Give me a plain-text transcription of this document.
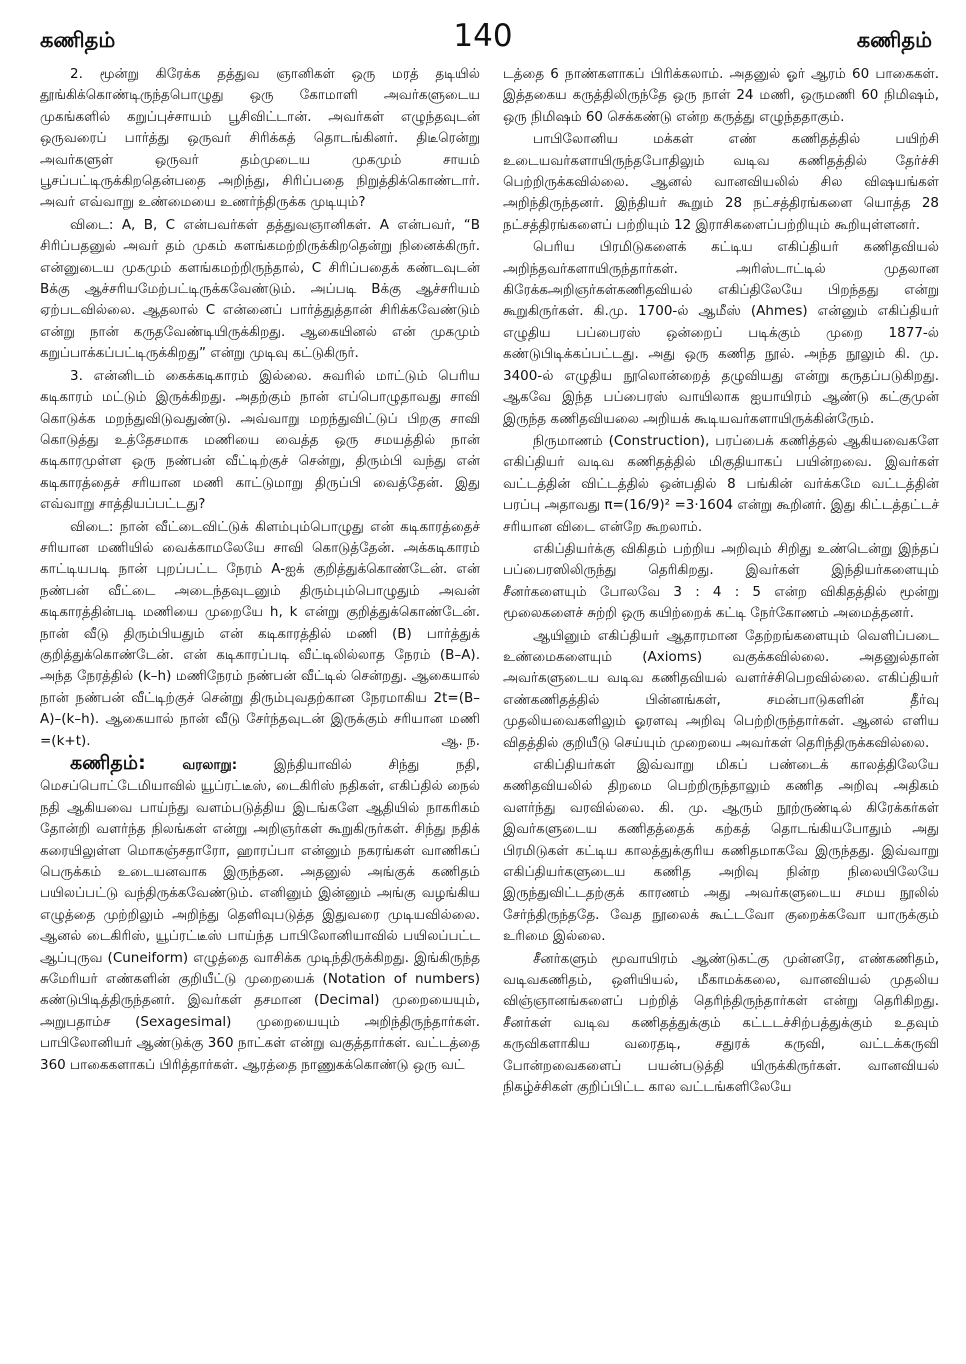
கணிதம்	140	கணிதம்

2. மூன்று கிரேக்க தத்துவ ஞானிகள் ஒரு மரத் தடியில் தூங்கிக்கொண்டிருந்தபொழுது ஒரு கோமாளி அவர்களுடைய முகங்களில் கறுப்புச்சாயம் பூசிவிட்டான். அவர்கள் எழுந்தவுடன் ஒருவரைப் பார்த்து ஒருவர் சிரிக்கத் தொடங்கினர். திடீரென்று அவர்களுள் ஒருவர் தம்முடைய முகமும் சாயம் பூசப்பட்டிருக்கிறதென்பதை அறிந்து, சிரிப்பதை நிறுத்திக்கொண்டார். அவர் எவ்வாறு உண்மையை உணர்ந்திருக்க முடியும்?

விடை: A, B, C என்பவர்கள் தத்துவஞானிகள். A என்பவர், “B சிரிப்பதனுல் அவர் தம் முகம் களங்கமற்றிருக்கிறதென்று நினைக்கிருர். என்னுடைய முகமும் களங்கமற்றிருந்தால், C சிரிப்பதைக் கண்டவுடன் Bக்கு ஆச்சரியமேற்பட்டிருக்கவேண்டும். அப்படி Bக்கு ஆச்சரியம் ஏற்படவில்லை. ஆதலால் C என்னைப் பார்த்துத்தான் சிரிக்கவேண்டும் என்று நான் கருதவேண்டியிருக்கிறது. ஆகையினல் என் முகமும் கறுப்பாக்கப்பட்டிருக்கிறது” என்று முடிவு கட்டுகிருர்.

3. என்னிடம் கைக்கடிகாரம் இல்லை. சுவரில் மாட்டும் பெரிய கடிகாரம் மட்டும் இருக்கிறது. அதற்கும் நான் எப்பொழுதாவது சாவி கொடுக்க மறந்துவிடுவதுண்டு. அவ்வாறு மறந்துவிட்டுப் பிறகு சாவி கொடுத்து உத்தேசமாக மணியை வைத்த ஒரு சமயத்தில் நான் கடிகாரமுள்ள ஒரு நண்பன் வீட்டிற்குச் சென்று, திரும்பி வந்து என் கடிகாரத்தைச் சரியான மணி காட்டுமாறு திருப்பி வைத்தேன். இது எவ்வாறு சாத்தியப்பட்டது?

விடை: நான் வீட்டைவிட்டுக் கிளம்பும்பொழுது என் கடிகாரத்தைச் சரியான மணியில் வைக்காமலேயே சாவி கொடுத்தேன். அக்கடிகாரம் காட்டியபடி நான் புறப்பட்ட நேரம் A-ஐக் குறித்துக்கொண்டேன். என் நண்பன் வீட்டை அடைந்தவுடனும் திரும்பும்பொழுதும் அவன் கடிகாரத்தின்படி மணியை முறையே h, k என்று குறித்துக்கொண்டேன். நான் வீடு திரும்பியதும் என் கடிகாரத்தில் மணி (B) பார்த்துக் குறித்துக்கொண்டேன். என் கடிகாரப்படி வீட்டிலில்லாத நேரம் (B–A). அந்த நேரத்தில் (k–h) மணிநேரம் நண்பன் வீட்டில் சென்றது. ஆகையால் நான் நண்பன் வீட்டிற்குச் சென்று திரும்புவதற்கான நேரமாகிய 2t=(B–A)–(k–h). ஆகையால் நான் வீடு சேர்ந்தவுடன் இருக்கும் சரியான மணி =(k+t).	ஆ. ந.

கணிதம்:	வரலாறு:	இந்தியாவில் சிந்து நதி, மெசப்பொட்டேமியாவில் யூப்ரட்டீஸ், டைகிரிஸ் நதிகள், எகிப்தில் நைல் நதி ஆகியவை பாய்ந்து வளம்படுத்திய இடங்களே ஆதியில் நாகரிகம் தோன்றி வளர்ந்த நிலங்கள் என்று அறிஞர்கள் கூறுகிருர்கள். சிந்து நதிக் கரையிலுள்ள மொகஞ்சதாரோ, ஹாரப்பா என்னும் நகரங்கள் வாணிகப் பெருக்கம் உடையனவாக இருந்தன. அதனுல் அங்குக் கணிதம் பயிலப்பட்டு வந்திருக்கவேண்டும். எனினும் இன்னும் அங்கு வழங்கிய எழுத்தை முற்றிலும் அறிந்து தெளிவுபடுத்த இதுவரை முடியவில்லை. ஆனல் டைகிரிஸ், யூப்ரட்டீஸ் பாய்ந்த பாபிலோனியாவில் பயிலப்பட்ட ஆப்புருவ (Cuneiform) எழுத்தை வாசிக்க முடிந்திருக்கிறது. இங்கிருந்த சுமேரியர் எண்களின் குறியீட்டு முறையைக் (Notation of numbers) கண்டுபிடித்திருந்தனர். இவர்கள் தசமான (Decimal) முறையையும், அறுபதாம்ச (Sexagesimal) முறையையும் அறிந்திருந்தார்கள். பாபிலோனியர் ஆண்டுக்கு 360 நாட்கள் என்று வகுத்தார்கள். வட்டத்தை 360 பாகைகளாகப் பிரித்தார்கள். ஆரத்தை நாணுகக்கொண்டு ஒரு வட்

டத்தை 6 நாண்களாகப் பிரிக்கலாம். அதனுல் ஓர் ஆரம் 60 பாகைகள். இத்தகைய கருத்திலிருந்தே ஒரு நாள் 24 மணி, ஒருமணி 60 நிமிஷம், ஒரு நிமிஷம் 60 செக்கண்டு என்ற கருத்து எழுந்ததாகும்.

பாபிலோனிய மக்கள் எண் கணிதத்தில் பயிற்சி உடையவர்களாயிருந்தபோதிலும் வடிவ கணிதத்தில் தேர்ச்சி பெற்றிருக்கவில்லை. ஆனல் வானவியலில் சில விஷயங்கள் அறிந்திருந்தனர். இந்தியர் கூறும் 28 நட்சத்திரங்களை யொத்த 28 நட்சத்திரங்களைப் பற்றியும் 12 இராசிகளைப்பற்றியும் கூறியுள்ளனர்.

பெரிய பிரமிடுகளைக் கட்டிய எகிப்தியர் கணிதவியல் அறிந்தவர்களாயிருந்தார்கள். அரிஸ்டாட்டில் முதலான கிரேக்கஅறிஞர்கள்கணிதவியல் எகிப்திலேயே பிறந்தது என்று கூறுகிருர்கள். கி.மு. 1700-ல் ஆமீஸ் (Ahmes) என்னும் எகிப்தியர் எழுதிய பப்பைரஸ் ஒன்றைப் படிக்கும் முறை 1877-ல் கண்டுபிடிக்கப்பட்டது. அது ஒரு கணித நூல். அந்த நூலும் கி. மு. 3400-ல் எழுதிய நூலொன்றைத் தழுவியது என்று கருதப்படுகிறது. ஆகவே இந்த பப்பைரஸ் வாயிலாக ஐயாயிரம் ஆண்டு கட்குமுன் இருந்த கணிதவியலை அறியக் கூடியவர்களாயிருக்கின்ருேம்.

நிருமாணம் (Construction), பரப்பைக் கணித்தல் ஆகியவைகளே எகிப்தியர் வடிவ கணிதத்தில் மிகுதியாகப் பயின்றவை. இவர்கள் வட்டத்தின் விட்டத்தில் ஒன்பதில் 8 பங்கின் வர்க்கமே வட்டத்தின் பரப்பு அதாவது π=(16/9)² =3·1604 என்று கூறினர். இது கிட்டத்தட்டச் சரியான விடை என்றே கூறலாம்.

எகிப்தியர்க்கு விகிதம் பற்றிய அறிவும் சிறிது உண்டென்று இந்தப் பப்பைரஸிலிருந்து தெரிகிறது. இவர்கள் இந்தியர்களையும் சீனர்களையும் போலவே 3 : 4 : 5 என்ற விகிதத்தில் மூன்று மூலைகளைச் சுற்றி ஒரு கயிற்றைக் கட்டி நேர்கோணம் அமைத்தனர்.

ஆயினும் எகிப்தியர் ஆதாரமான தேற்றங்களையும் வெளிப்படை உண்மைகளையும் (Axioms) வகுக்கவில்லை. அதனுல்தான் அவர்களுடைய வடிவ கணிதவியல் வளர்ச்சிபெறவில்லை. எகிப்தியர் எண்கணிதத்தில் பின்னங்கள், சமன்பாடுகளின் தீர்வு முதலியவைகளிலும் ஓரளவு அறிவு பெற்றிருந்தார்கள். ஆனல் எளிய விதத்தில் குறியீடு செய்யும் முறையை அவர்கள் தெரிந்திருக்கவில்லை.

எகிப்தியர்கள் இவ்வாறு மிகப் பண்டைக் காலத்திலேயே கணிதவியலில் திறமை பெற்றிருந்தாலும் கணித அறிவு அதிகம் வளர்ந்து வரவில்லை. கி. மு. ஆரும் நூற்ருண்டில் கிரேக்கர்கள் இவர்களுடைய கணிதத்தைக் கற்கத் தொடங்கியபோதும் அது பிரமிடுகள் கட்டிய காலத்துக்குரிய கணிதமாகவே இருந்தது. இவ்வாறு எகிப்தியர்களுடைய கணித அறிவு நின்ற நிலையிலேயே இருந்துவிட்டதற்குக் காரணம் அது அவர்களுடைய சமய நூலில் சேர்ந்திருந்ததே. வேத நூலைக் கூட்டவோ குறைக்கவோ யாருக்கும் உரிமை இல்லை.

சீனர்களும் மூவாயிரம் ஆண்டுகட்கு முன்னரே, எண்கணிதம், வடிவகணிதம், ஒளியியல், மீகாமக்கலை, வானவியல் முதலிய விஞ்ஞானங்களைப் பற்றித் தெரிந்திருந்தார்கள் என்று தெரிகிறது. சீனர்கள் வடிவ கணிதத்துக்கும் கட்டடச்சிற்பத்துக்கும் உதவும் கருவிகளாகிய வரைதடி, சதுரக் கருவி, வட்டக்கருவி போன்றவைகளைப் பயன்படுத்தி யிருக்கிருர்கள். வானவியல் நிகழ்ச்சிகள் குறிப்பிட்ட கால வட்டங்களிலேயே
